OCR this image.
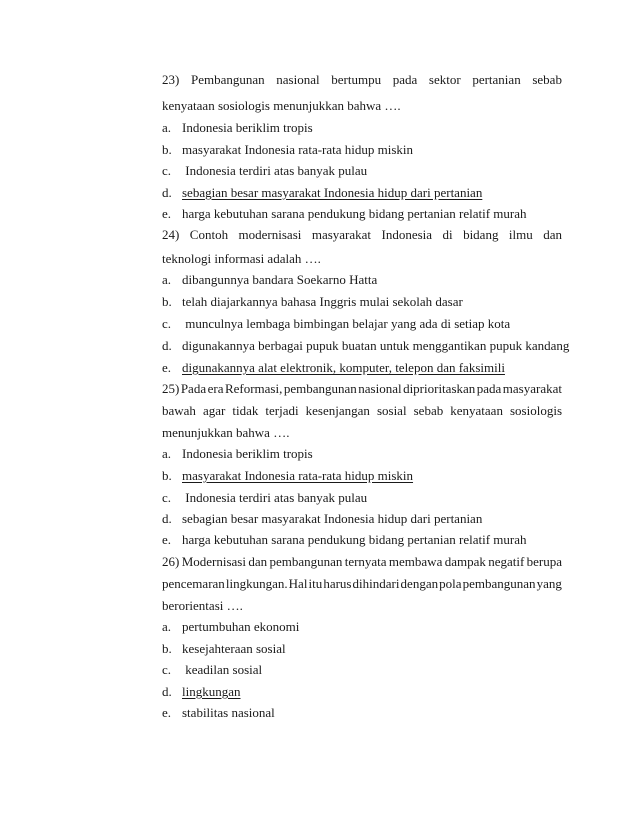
23) Pembangunan nasional bertumpu pada sektor pertanian sebab
kenyataan sosiologis menunjukkan bahwa ….
a. Indonesia beriklim tropis
b. masyarakat Indonesia rata-rata hidup miskin
c. Indonesia terdiri atas banyak pulau
d. sebagian besar masyarakat Indonesia hidup dari pertanian
e. harga kebutuhan sarana pendukung bidang pertanian relatif murah
24) Contoh modernisasi masyarakat Indonesia di bidang ilmu dan
teknologi informasi adalah ….
a. dibangunnya bandara Soekarno Hatta
b. telah diajarkannya bahasa Inggris mulai sekolah dasar
c. munculnya lembaga bimbingan belajar yang ada di setiap kota
d. digunakannya berbagai pupuk buatan untuk menggantikan pupuk kandang
e. digunakannya alat elektronik, komputer, telepon dan faksimili
25) Pada era Reformasi, pembangunan nasional diprioritaskan pada masyarakat
bawah agar tidak terjadi kesenjangan sosial sebab kenyataan sosiologis
menunjukkan bahwa ….
a. Indonesia beriklim tropis
b. masyarakat Indonesia rata-rata hidup miskin
c. Indonesia terdiri atas banyak pulau
d. sebagian besar masyarakat Indonesia hidup dari pertanian
e. harga kebutuhan sarana pendukung bidang pertanian relatif murah
26) Modernisasi dan pembangunan ternyata membawa dampak negatif berupa
pencemaran lingkungan. Hal itu harus dihindari dengan pola pembangunan yang
berorientasi ….
a. pertumbuhan ekonomi
b. kesejahteraan sosial
c. keadilan sosial
d. lingkungan
e. stabilitas nasional
